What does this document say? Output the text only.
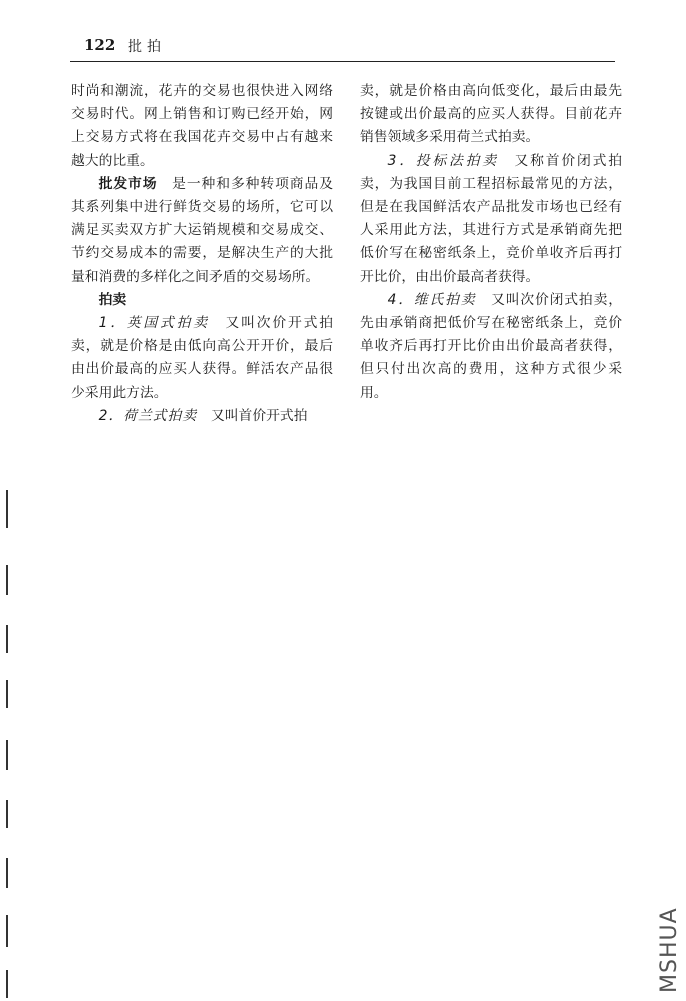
122 批拍

时尚和潮流，花卉的交易也很快进入网络交易时代。网上销售和订购已经开始，网上交易方式将在我国花卉交易中占有越来越大的比重。

批发市场　是一种和多种转项商品及其系列集中进行鲜货交易的场所，它可以满足买卖双方扩大运销规模和交易成交、节约交易成本的需要，是解决生产的大批量和消费的多样化之间矛盾的交易场所。

拍卖

1．英国式拍卖　又叫次价开式拍卖，就是价格是由低向高公开开价，最后由出价最高的应买人获得。鲜活农产品很少采用此方法。

2．荷兰式拍卖　又叫首价开式拍

卖，就是价格由高向低变化，最后由最先按键或出价最高的应买人获得。目前花卉销售领域多采用荷兰式拍卖。

3．投标法拍卖　又称首价闭式拍卖，为我国目前工程招标最常见的方法，但是在我国鲜活农产品批发市场也已经有人采用此方法，其进行方式是承销商先把低价写在秘密纸条上，竞价单收齐后再打开比价，由出价最高者获得。

4．维氏拍卖　又叫次价闭式拍卖，先由承销商把低价写在秘密纸条上，竞价单收齐后再打开比价由出价最高者获得，但只付出次高的费用，这种方式很少采用。

MSHUA
